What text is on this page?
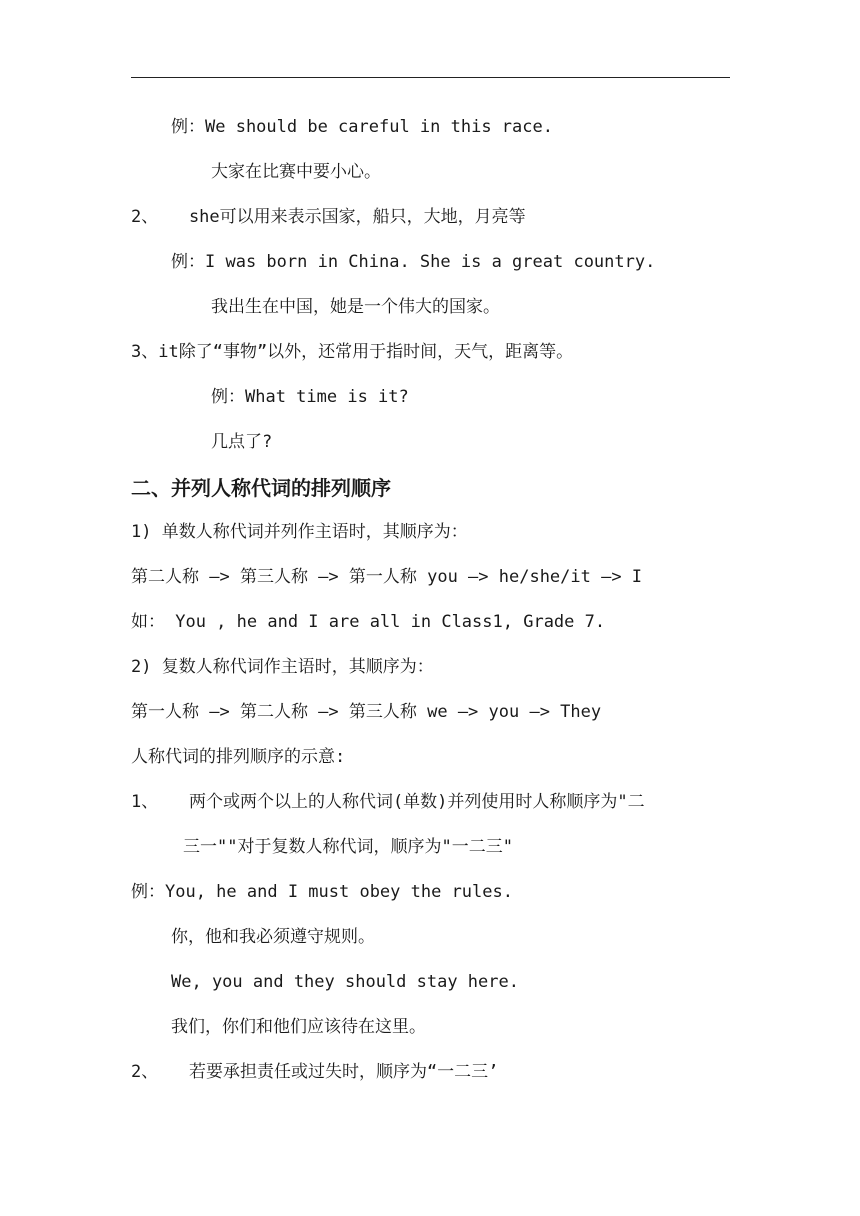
例：We should be careful in this race.
大家在比赛中要小心。
2、   she可以用来表示国家，船只，大地，月亮等
例：I was born in China. She is a great country.
我出生在中国，她是一个伟大的国家。
3、it除了“事物”以外，还常用于指时间，天气，距离等。
例：What time is it?
几点了?
二、并列人称代词的排列顺序
1) 单数人称代词并列作主语时，其顺序为：
第二人称 —> 第三人称 —> 第一人称 you —> he/she/it —> I
如： You , he and I are all in Class1, Grade 7.
2) 复数人称代词作主语时，其顺序为：
第一人称 —> 第二人称 —> 第三人称 we —> you —> They
人称代词的排列顺序的示意:
1、   两个或两个以上的人称代词(单数)并列使用时人称顺序为"二
三一""对于复数人称代词，顺序为"一二三"
例：You, he and I must obey the rules.
你，他和我必须遵守规则。
We, you and they should stay here.
我们，你们和他们应该待在这里。
2、   若要承担责任或过失时，顺序为“一二三’
